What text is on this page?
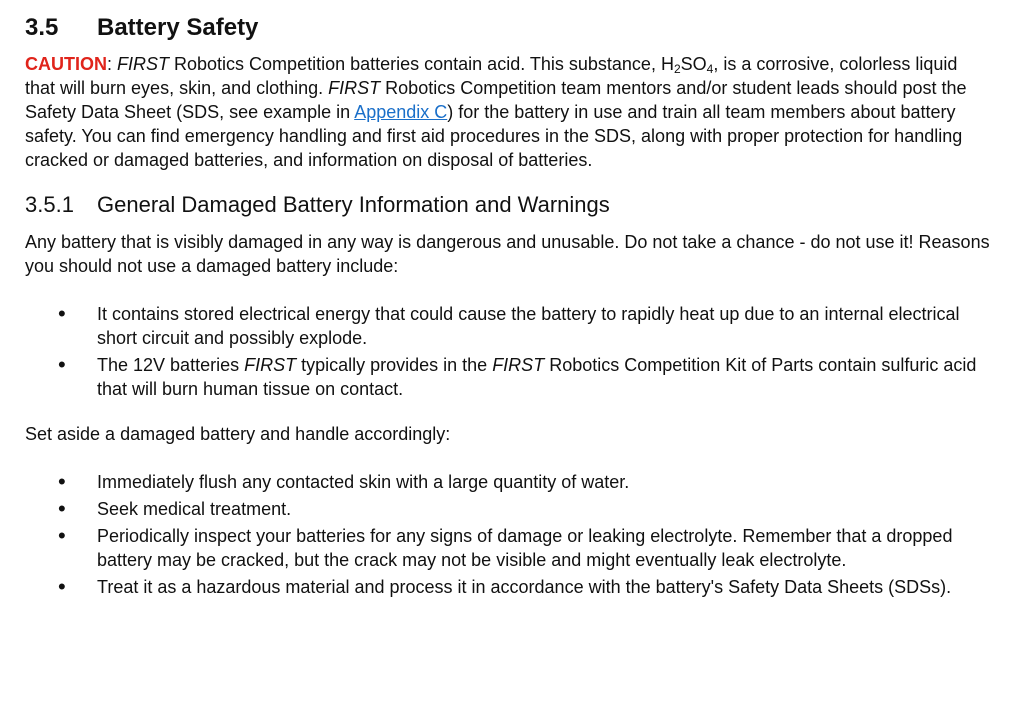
3.5	Battery Safety

CAUTION: FIRST Robotics Competition batteries contain acid. This substance, $H_2SO_4$, is a corrosive, colorless liquid that will burn eyes, skin, and clothing. FIRST Robotics Competition team mentors and/or student leads should post the Safety Data Sheet (SDS, see example in Appendix C) for the battery in use and train all team members about battery safety. You can find emergency handling and first aid procedures in the SDS, along with proper protection for handling cracked or damaged batteries, and information on disposal of batteries.

3.5.1	General Damaged Battery Information and Warnings

Any battery that is visibly damaged in any way is dangerous and unusable. Do not take a chance - do not use it! Reasons you should not use a damaged battery include:

• It contains stored electrical energy that could cause the battery to rapidly heat up due to an internal electrical short circuit and possibly explode.
• The 12V batteries FIRST typically provides in the FIRST Robotics Competition Kit of Parts contain sulfuric acid that will burn human tissue on contact.

Set aside a damaged battery and handle accordingly:

• Immediately flush any contacted skin with a large quantity of water.
• Seek medical treatment.
• Periodically inspect your batteries for any signs of damage or leaking electrolyte. Remember that a dropped battery may be cracked, but the crack may not be visible and might eventually leak electrolyte.
• Treat it as a hazardous material and process it in accordance with the battery's Safety Data Sheets (SDSs).
